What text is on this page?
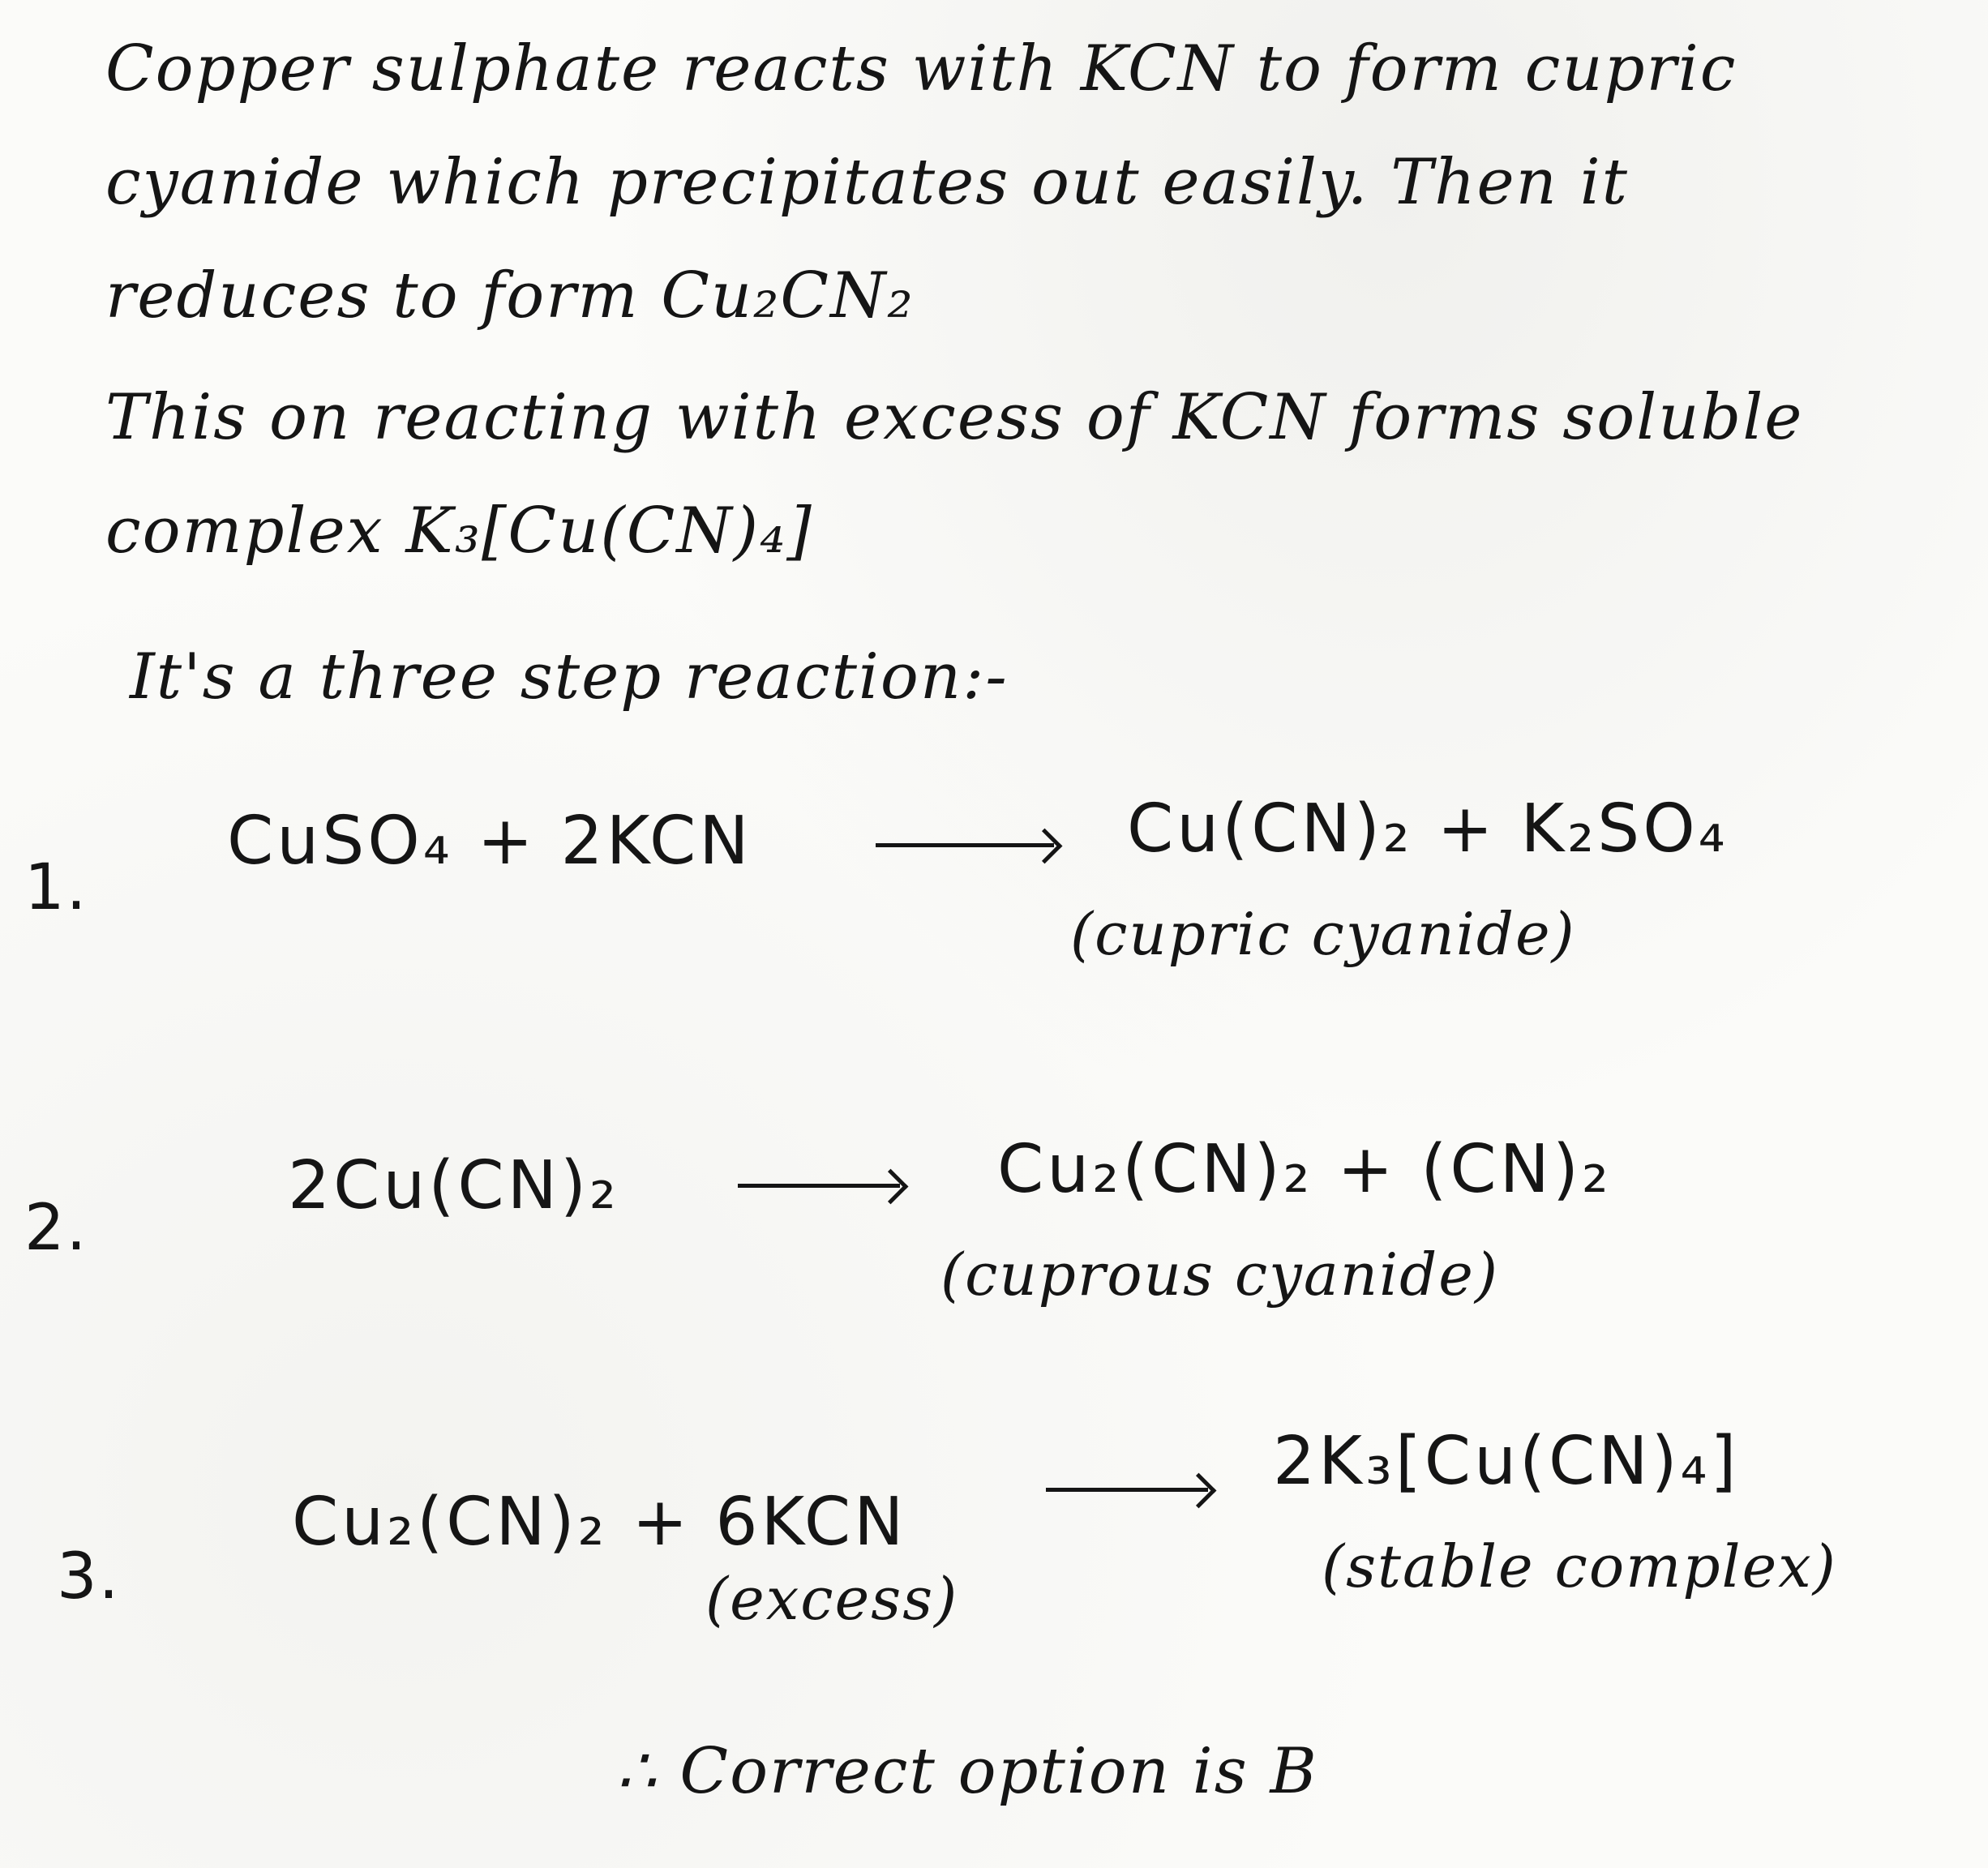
Copper sulphate reacts with KCN to form cupric
cyanide which precipitates out easily. Then it
reduces to form Cu₂CN₂
This on reacting with excess of KCN forms soluble
complex K₃[Cu(CN)₄]
It's a three step reaction:-
1.
CuSO₄ + 2KCN	Cu(CN)₂ + K₂SO₄
(cupric cyanide)
2.
2Cu(CN)₂	Cu₂(CN)₂ + (CN)₂
(cuprous cyanide)
3.
Cu₂(CN)₂ + 6KCN
(excess)
2K₃[Cu(CN)₄]
(stable complex)
∴ Correct option is B
